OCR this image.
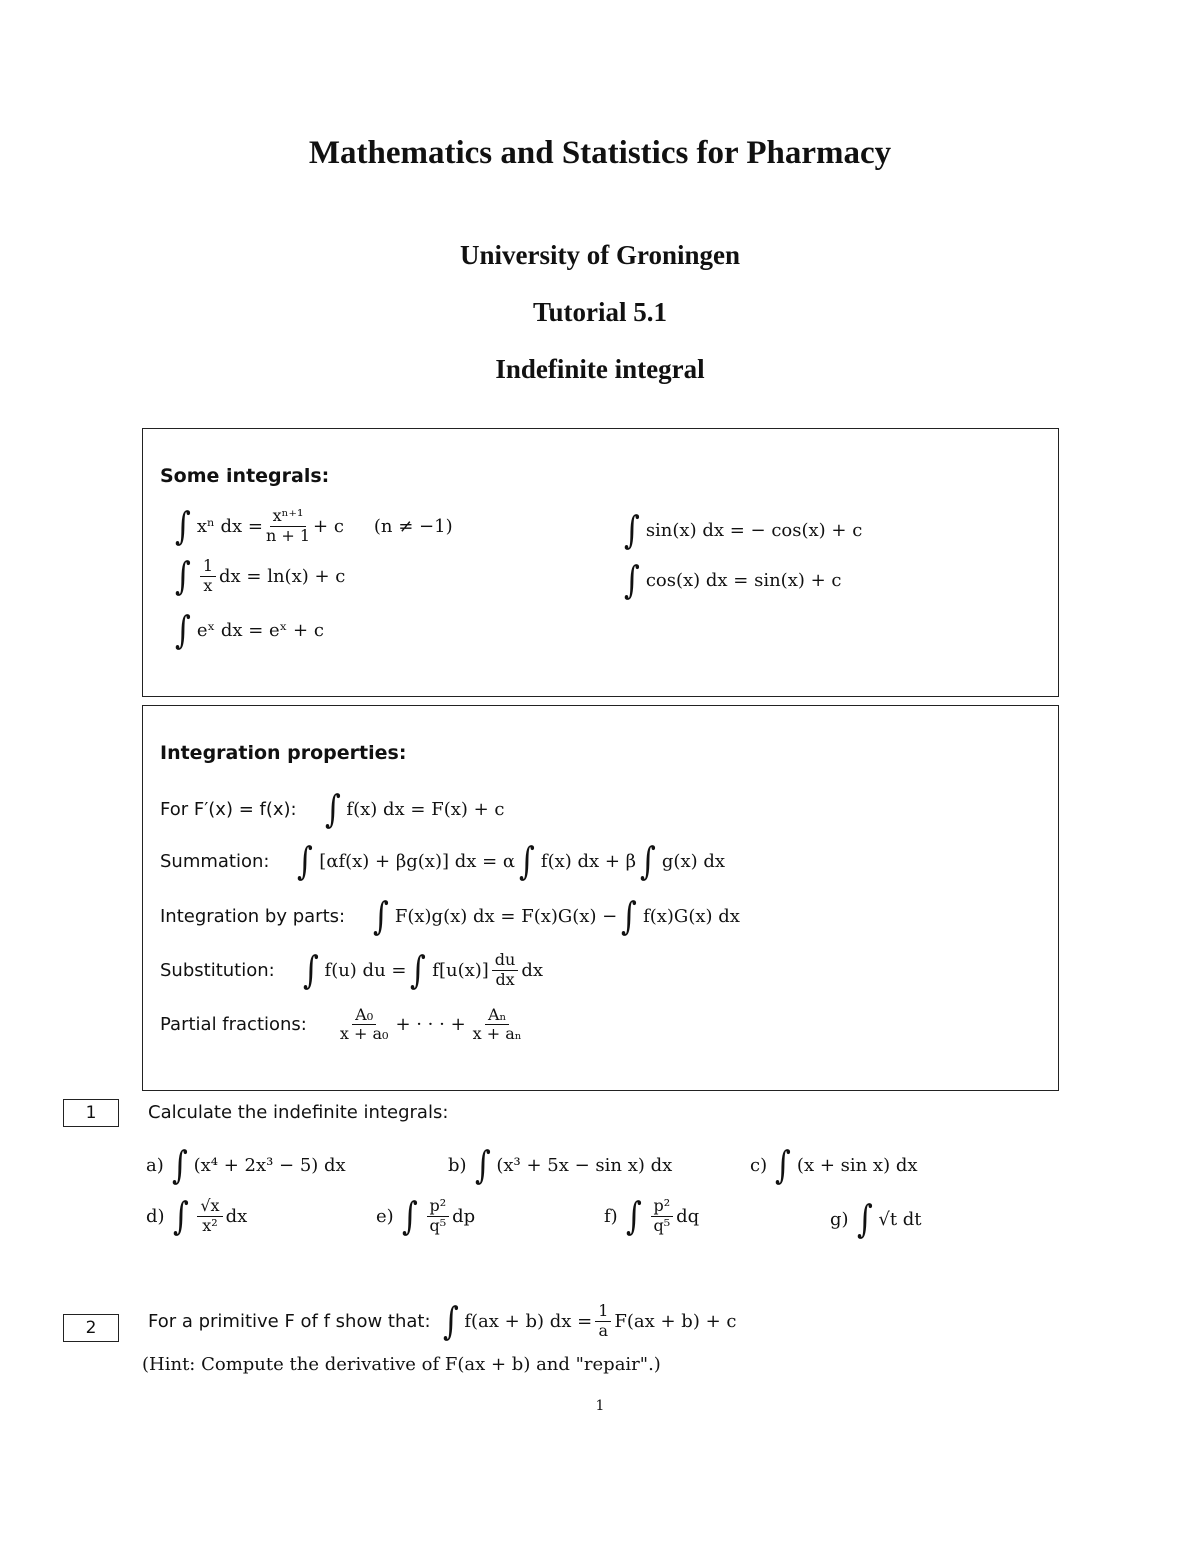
Mathematics and Statistics for Pharmacy
University of Groningen
Tutorial 5.1
Indefinite integral
Some integrals:
∫ xⁿ dx = $\frac{\text{xⁿ⁺¹}}{n + 1} + c$ (n ≠ −1)
∫ $\frac{1}{x}$ dx = ln(x) + c
∫ eˣ dx = eˣ + c
∫ sin(x) dx = − cos(x) + c
∫ cos(x) dx = sin(x) + c
Integration properties:
For F′(x) = f(x): ∫ f(x) dx = F(x) + c
Summation: ∫ [αf(x) + βg(x)] dx = α ∫ f(x) dx + β ∫ g(x) dx
Integration by parts: ∫ F(x)g(x) dx = F(x)G(x) − ∫ f(x)G(x) dx
Substitution: ∫ f(u) du = ∫ $f[u(x)] \frac{du}{dx}$ dx
Partial fractions: $\frac{\text{A₀}}{\text{x + a₀}}$ + · · · + $\frac{\text{Aₙ}}{\text{x + aₙ}}$
1	Calculate the indefinite integrals:
a) ∫ (x⁴ + 2x³ − 5) dx	b) ∫ (x³ + 5x − sin x) dx	c) ∫ (x + sin x) dx
d) ∫ $\frac{√x}{\text{x²}}$ dx	e) ∫ $\frac{\text{p²}}{\text{q⁵}}$ dp	f) ∫ $\frac{\text{p²}}{\text{q⁵}}$ dq	g) ∫ √t dt
2	For a primitive F of f show that: ∫ f(ax + b) dx = $\frac{1}{a} F(ax + b) + c$
(Hint: Compute the derivative of F(ax + b) and "repair".)
1
